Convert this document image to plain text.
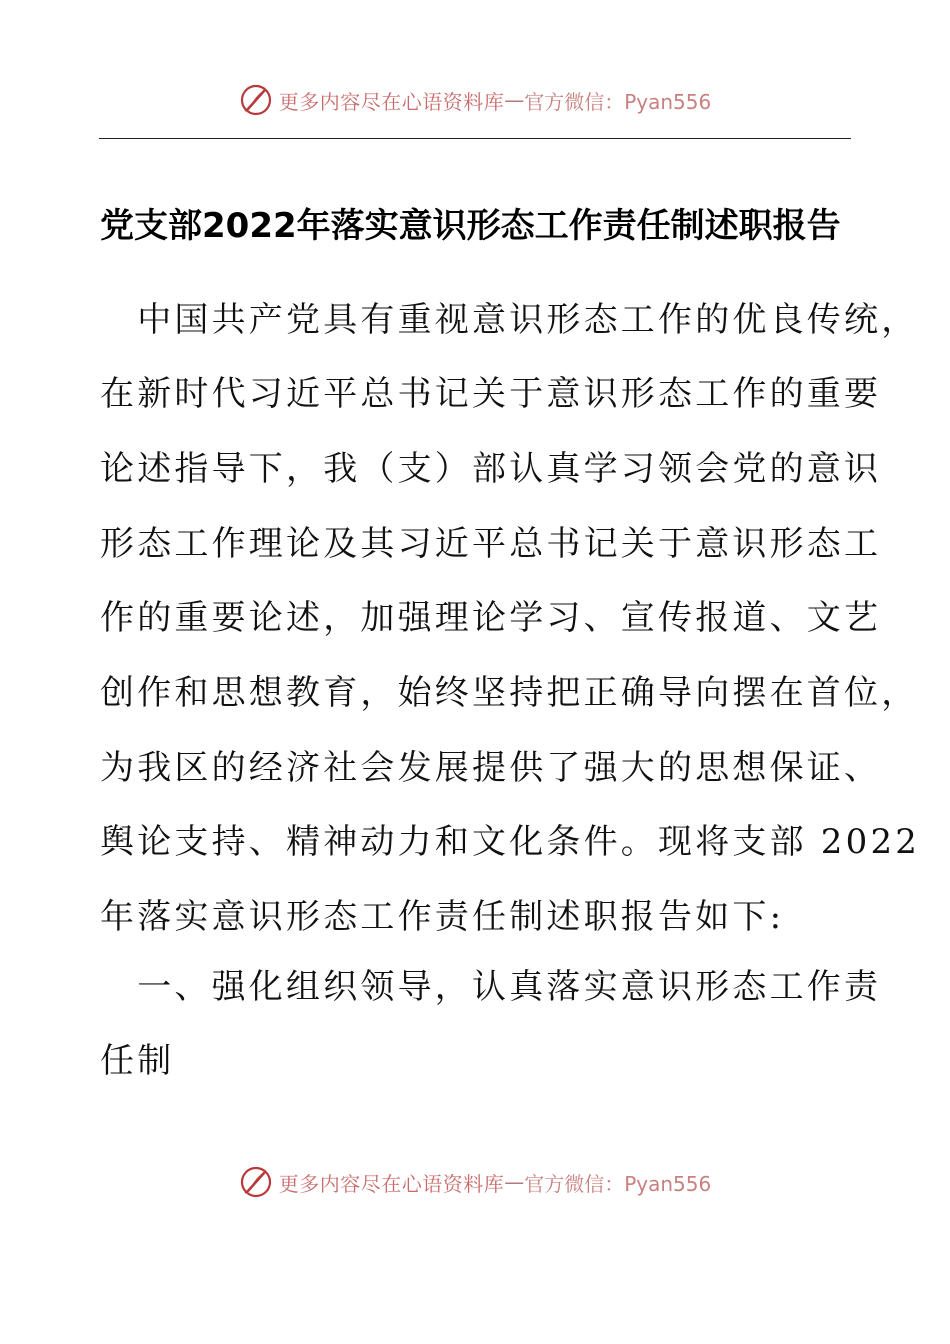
更多内容尽在心语资料库 — 官方微信：Pyan556
党支部2022年落实意识形态工作责任制述职报告
　中国共产党具有重视意识形态工作的优良传统，
在新时代习近平总书记关于意识形态工作的重要
论述指导下，我（支）部认真学习领会党的意识
形态工作理论及其习近平总书记关于意识形态工
作的重要论述，加强理论学习、宣传报道、文艺
创作和思想教育，始终坚持把正确导向摆在首位，
为我区的经济社会发展提供了强大的思想保证、
舆论支持、精神动力和文化条件。现将支部 2022
年落实意识形态工作责任制述职报告如下:
　一、强化组织领导，认真落实意识形态工作责
任制
更多内容尽在心语资料库 — 官方微信：Pyan556
